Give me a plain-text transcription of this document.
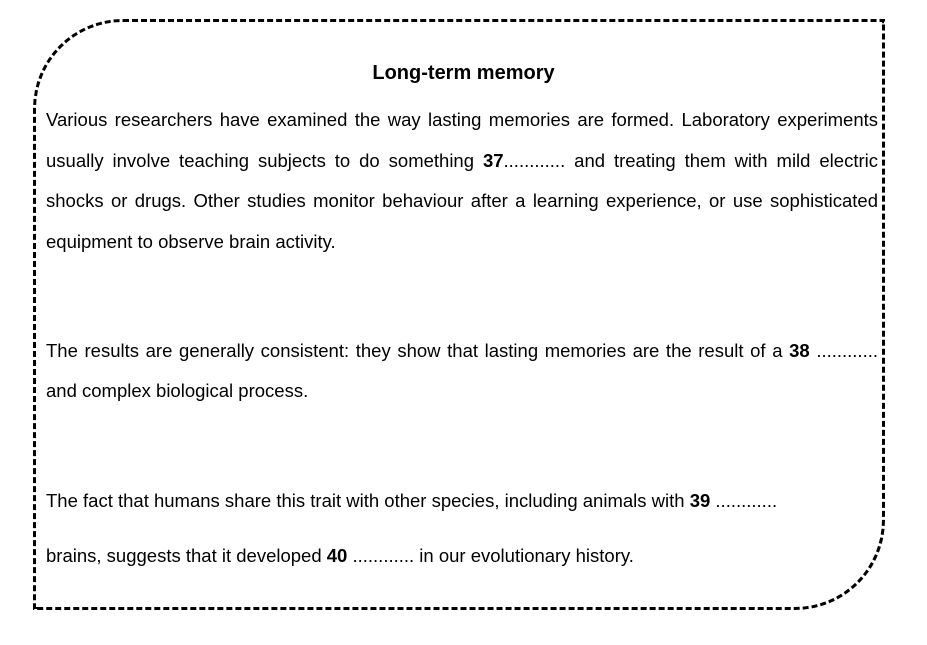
Long-term memory

Various researchers have examined the way lasting memories are formed. Laboratory experiments usually involve teaching subjects to do something 37............ and treating them with mild electric shocks or drugs. Other studies monitor behaviour after a learning experience, or use sophisticated equipment to observe brain activity.

The results are generally consistent: they show that lasting memories are the result of a 38 ............ and complex biological process.

The fact that humans share this trait with other species, including animals with 39 ............

brains, suggests that it developed 40 ............ in our evolutionary history.
